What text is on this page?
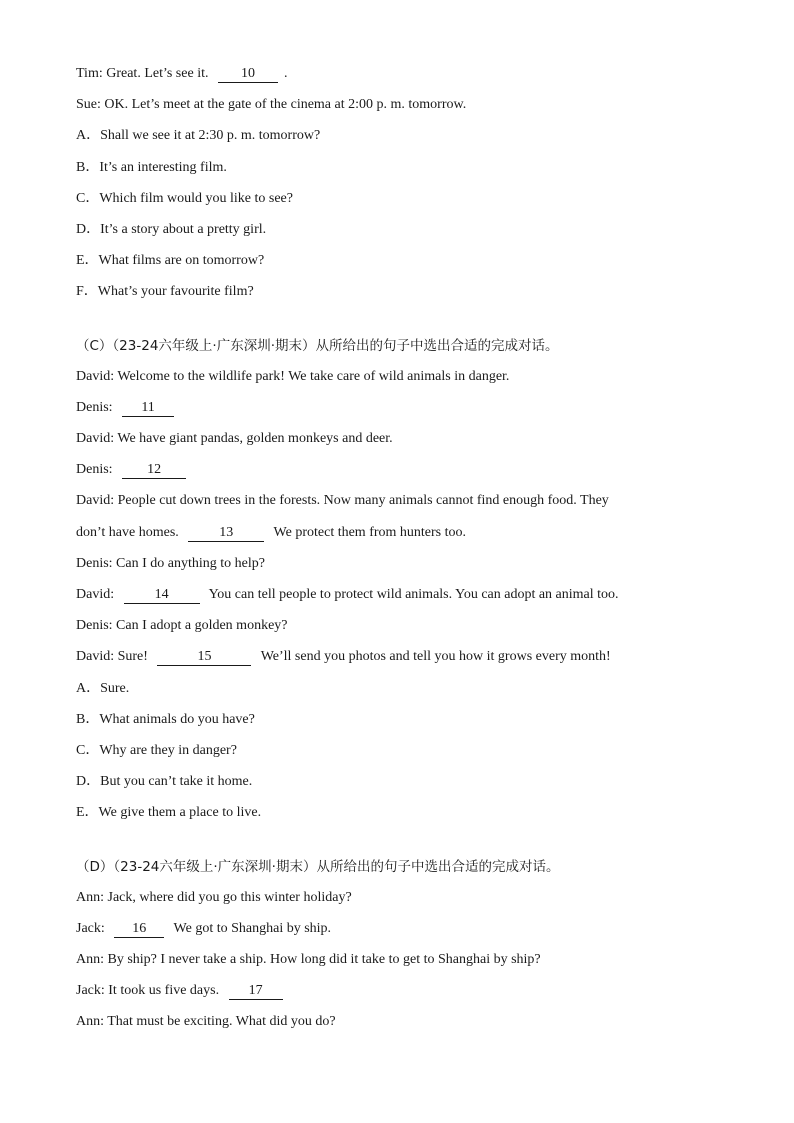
Tim: Great. Let’s see it. 10 .
Sue: OK. Let’s meet at the gate of the cinema at 2:00 p. m. tomorrow.
A．Shall we see it at 2:30 p. m. tomorrow?
B．It’s an interesting film.
C．Which film would you like to see?
D．It’s a story about a pretty girl.
E．What films are on tomorrow?
F．What’s your favourite film?
（C）（23-24六年级上·广东深圳·期末）从所给出的句子中选出合适的完成对话。
David: Welcome to the wildlife park! We take care of wild animals in danger.
Denis: 11
David: We have giant pandas, golden monkeys and deer.
Denis: 12
David: People cut down trees in the forests. Now many animals cannot find enough food. They
don’t have homes.	13	We protect them from hunters too.
Denis: Can I do anything to help?
David:	14	You can tell people to protect wild animals. You can adopt an animal too.
Denis: Can I adopt a golden monkey?
David: Sure!	15	We’ll send you photos and tell you how it grows every month!
A．Sure.
B．What animals do you have?
C．Why are they in danger?
D．But you can’t take it home.
E．We give them a place to live.
（D）（23-24六年级上·广东深圳·期末）从所给出的句子中选出合适的完成对话。
Ann: Jack, where did you go this winter holiday?
Jack: 16 We got to Shanghai by ship.
Ann: By ship? I never take a ship. How long did it take to get to Shanghai by ship?
Jack: It took us five days. 17
Ann: That must be exciting. What did you do?
